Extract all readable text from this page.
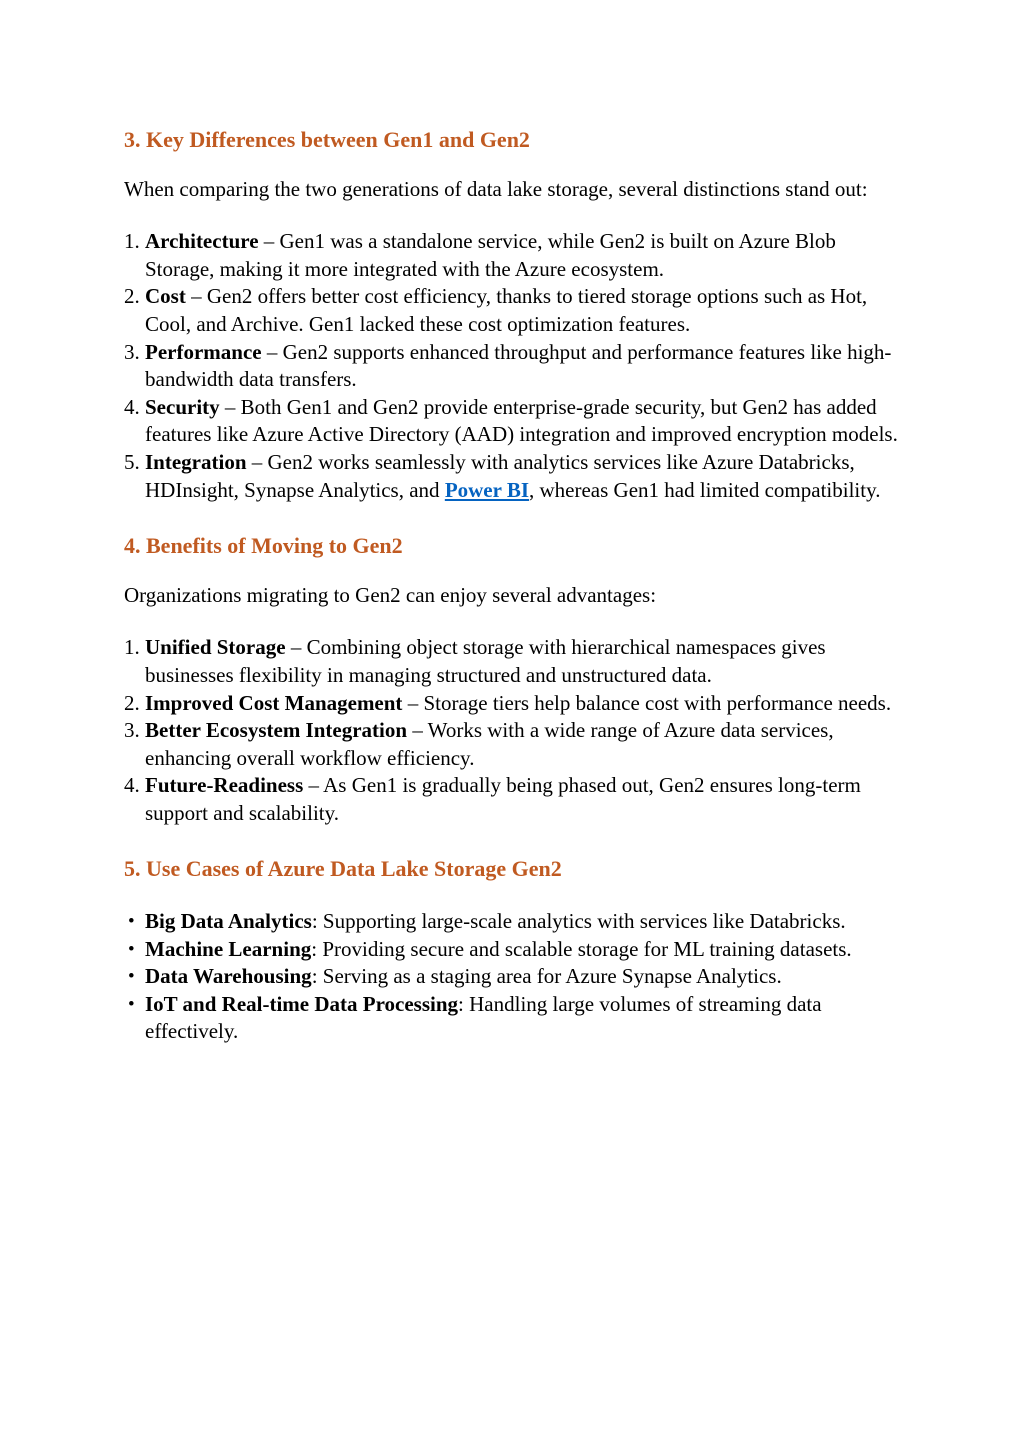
3. Key Differences between Gen1 and Gen2
When comparing the two generations of data lake storage, several distinctions stand out:
1. Architecture – Gen1 was a standalone service, while Gen2 is built on Azure Blob Storage, making it more integrated with the Azure ecosystem.
2. Cost – Gen2 offers better cost efficiency, thanks to tiered storage options such as Hot, Cool, and Archive. Gen1 lacked these cost optimization features.
3. Performance – Gen2 supports enhanced throughput and performance features like high-bandwidth data transfers.
4. Security – Both Gen1 and Gen2 provide enterprise-grade security, but Gen2 has added features like Azure Active Directory (AAD) integration and improved encryption models.
5. Integration – Gen2 works seamlessly with analytics services like Azure Databricks, HDInsight, Synapse Analytics, and Power BI, whereas Gen1 had limited compatibility.
4. Benefits of Moving to Gen2
Organizations migrating to Gen2 can enjoy several advantages:
1. Unified Storage – Combining object storage with hierarchical namespaces gives businesses flexibility in managing structured and unstructured data.
2. Improved Cost Management – Storage tiers help balance cost with performance needs.
3. Better Ecosystem Integration – Works with a wide range of Azure data services, enhancing overall workflow efficiency.
4. Future-Readiness – As Gen1 is gradually being phased out, Gen2 ensures long-term support and scalability.
5. Use Cases of Azure Data Lake Storage Gen2
• Big Data Analytics: Supporting large-scale analytics with services like Databricks.
• Machine Learning: Providing secure and scalable storage for ML training datasets.
• Data Warehousing: Serving as a staging area for Azure Synapse Analytics.
• IoT and Real-time Data Processing: Handling large volumes of streaming data effectively.
